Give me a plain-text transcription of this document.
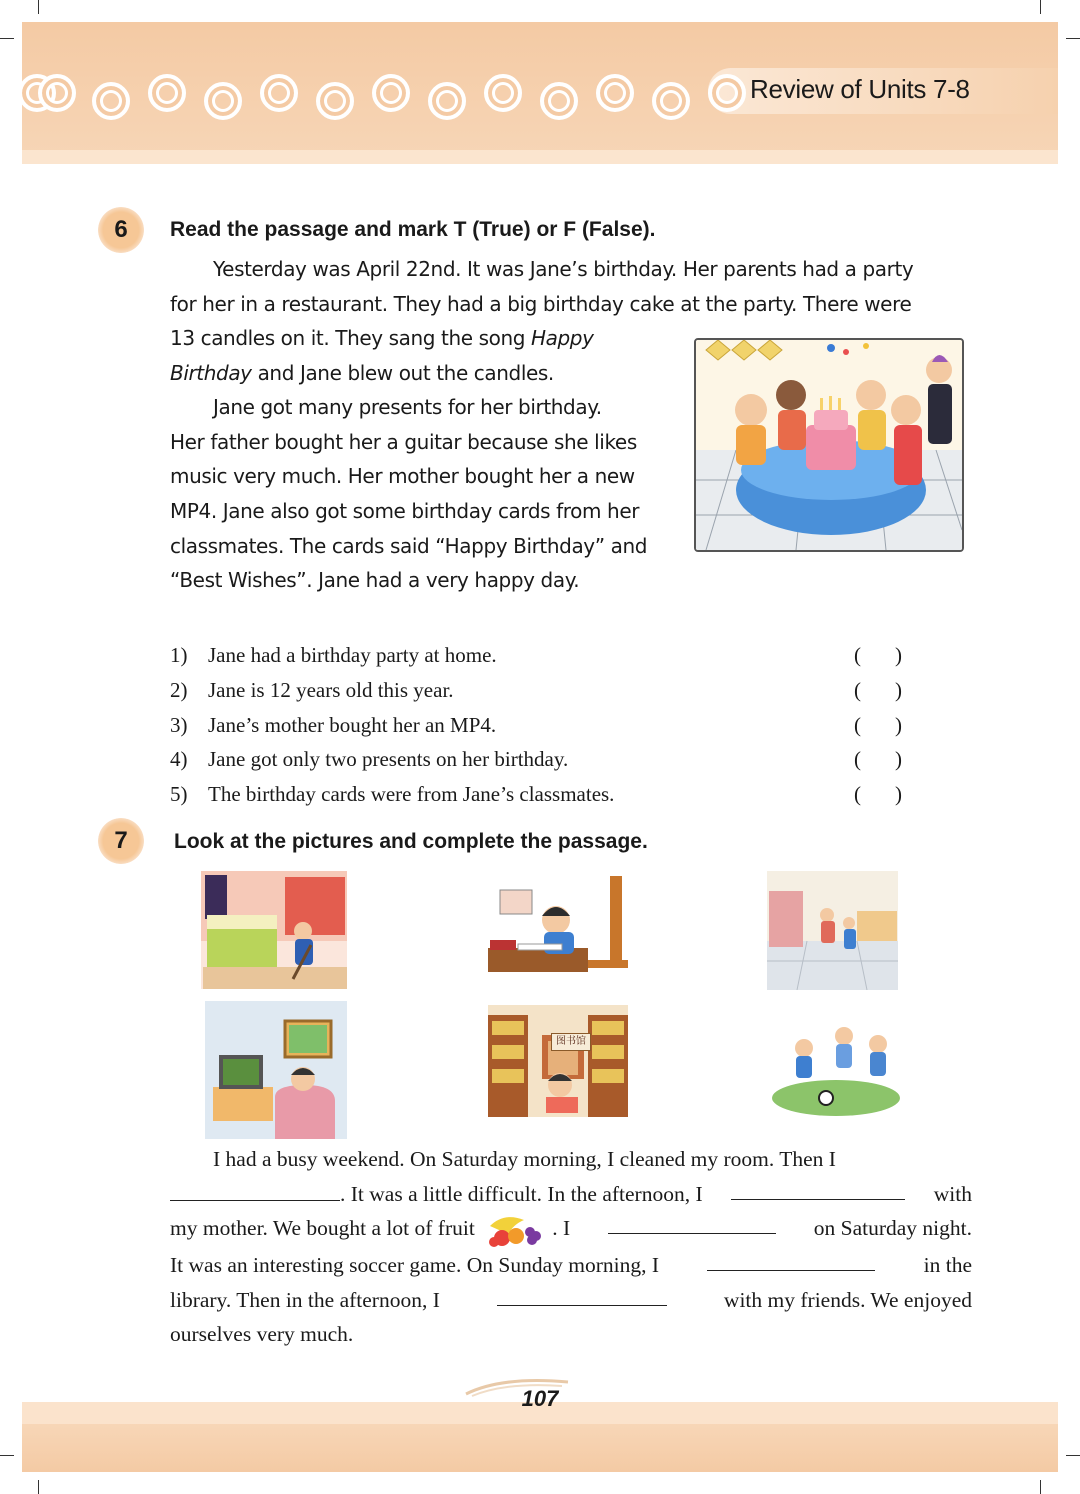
Review of Units 7-8
6 Read the passage and mark T (True) or F (False).

Yesterday was April 22nd. It was Jane’s birthday. Her parents had a party

for her in a restaurant. They had a big birthday cake at the party. There were

13 candles on it. They sang the song Happy

Birthday and Jane blew out the candles.

Jane got many presents for her birthday.

Her father bought her a guitar because she likes

music very much. Her mother bought her a new

MP4. Jane also got some birthday cards from her

classmates. The cards said “Happy Birthday” and

“Best Wishes”. Jane had a very happy day.

1) Jane had a birthday party at home.	( )
2) Jane is 12 years old this year.	( )
3) Jane’s mother bought her an MP4.	( )
4) Jane got only two presents on her birthday.	( )
5) The birthday cards were from Jane’s classmates.	( )
7 Look at the pictures and complete the passage.
图书馆
I had a busy weekend. On Saturday morning, I cleaned my room. Then I
. It was a little difficult. In the afternoon, I	with
my mother. We bought a lot of fruit	. I	on Saturday night.
It was an interesting soccer game. On Sunday morning, I	in the
library. Then in the afternoon, I	with my friends. We enjoyed
ourselves very much.
107
